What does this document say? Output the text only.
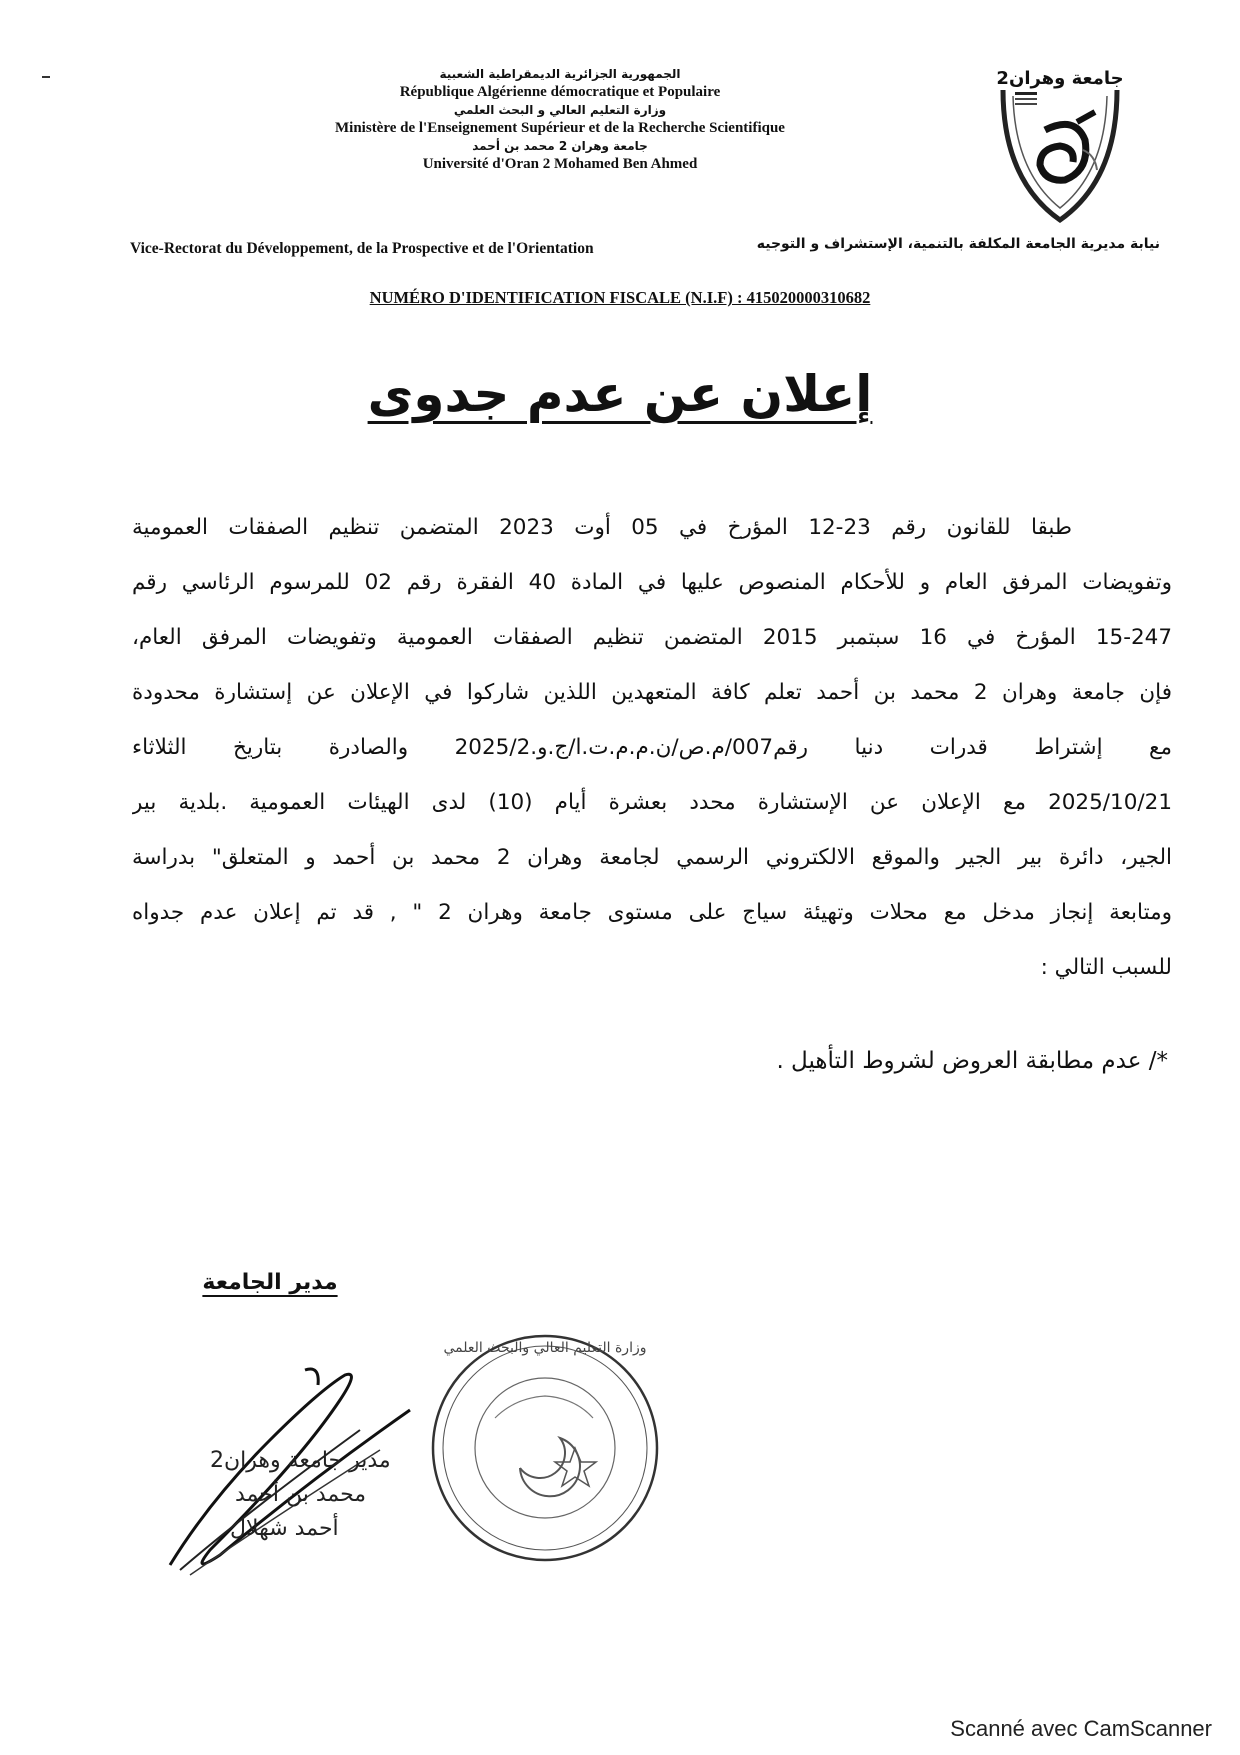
الجمهورية الجزائرية الديمقراطية الشعبية
République Algérienne démocratique et Populaire
وزارة التعليم العالي و البحث العلمي
Ministère de l'Enseignement Supérieur et de la Recherche Scientifique
جامعة وهران 2 محمد بن أحمد
Université d'Oran 2 Mohamed Ben Ahmed
جامعة وهران2
Vice-Rectorat du Développement, de la Prospective et de l'Orientation	نيابة مديرية الجامعة المكلفة بالتنمية، الإستشراف و التوجيه
NUMÉRO D'IDENTIFICATION FISCALE (N.I.F) : 415020000310682
إعلان عن عدم جدوى
طبقا للقانون رقم 23-12 المؤرخ في 05 أوت 2023 المتضمن تنظيم الصفقات العمومية
وتفويضات المرفق العام و للأحكام المنصوص عليها في المادة 40 الفقرة رقم 02 للمرسوم الرئاسي رقم
15-247 المؤرخ في 16 سبتمبر 2015 المتضمن تنظيم الصفقات العمومية وتفويضات المرفق العام،
فإن جامعة وهران 2 محمد بن أحمد تعلم كافة المتعهدين اللذين شاركوا في الإعلان عن إستشارة محدودة
مع إشتراط قدرات دنيا رقم007/م.ص/ن.م.م.ت.ا/ج.و.2025/2 والصادرة بتاريخ الثلاثاء
2025/10/21 مع الإعلان عن الإستشارة محدد بعشرة أيام (10) لدى الهيئات العمومية .بلدية بير
الجير، دائرة بير الجير والموقع الالكتروني الرسمي لجامعة وهران 2 محمد بن أحمد و المتعلق" بدراسة
ومتابعة إنجاز مدخل مع محلات وتهيئة سياج على مستوى جامعة وهران 2 " , قد تم إعلان عدم جدواه
للسبب التالي :
*/ عدم مطابقة العروض لشروط التأهيل .
مدير الجامعة
مدير جامعة وهران2
محمد بن أحمد
أحمد شهلال
وزارة التعليم العالي والبحث العلمي
Scanné avec CamScanner
